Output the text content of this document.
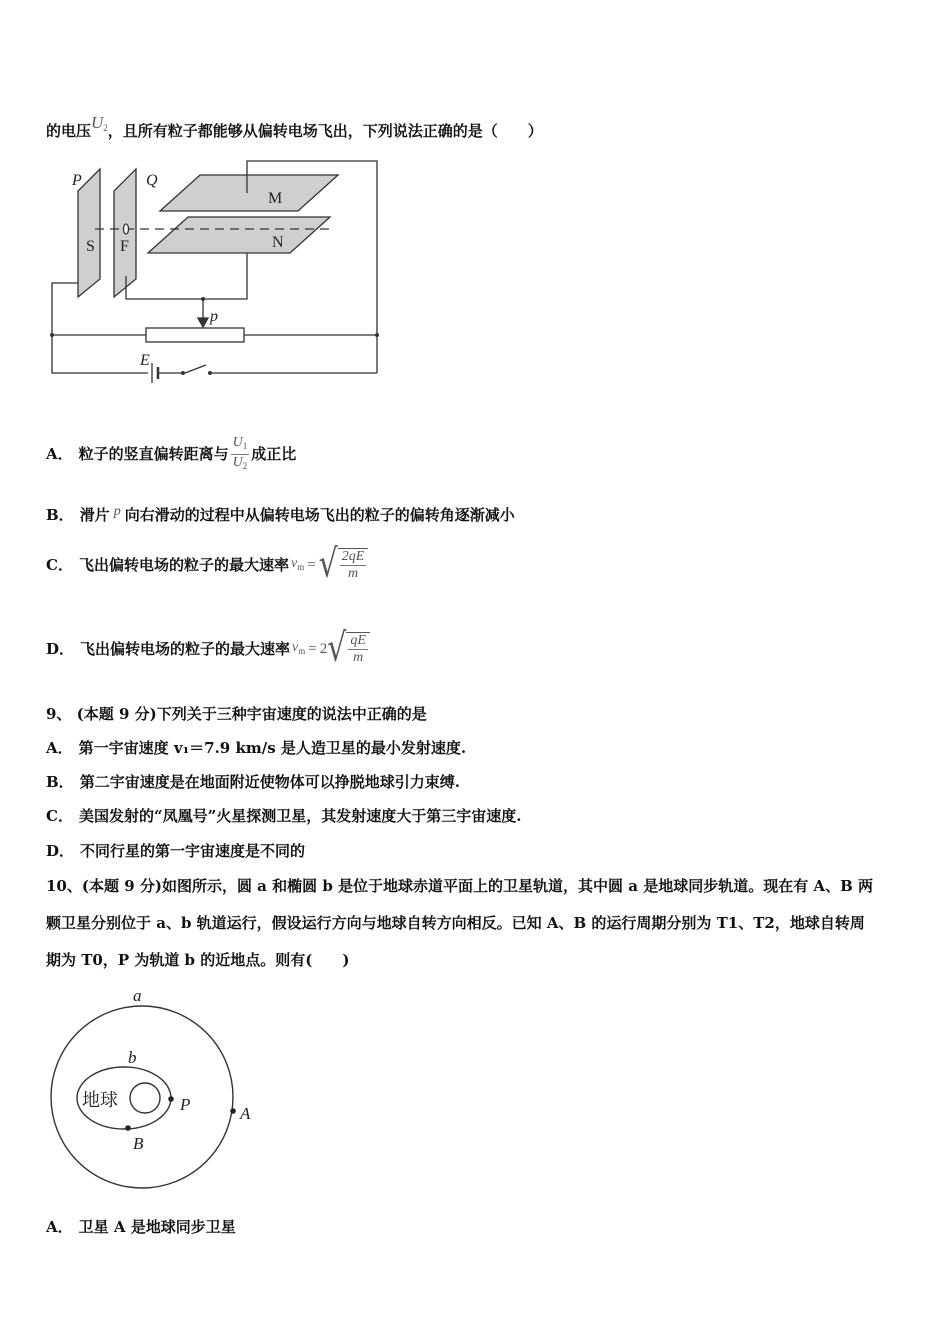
的电压$U_2$，且所有粒子都能够从偏转电场飞出，下列说法正确的是（　　）
P	Q
M
S F	N
p
E
A． 粒子的竖直偏转距离与 $\frac{U_1}{U_2}$ 成正比
B． 滑片 p 向右滑动的过程中从偏转电场飞出的粒子的偏转角逐渐减小
C． 飞出偏转电场的粒子的最大速率 $v_m$ = √ $\frac{2qE}{m}$
D． 飞出偏转电场的粒子的最大速率 $v_m = 2$ √ $\frac{qE}{m}$
9、 (本题 9 分)下列关于三种宇宙速度的说法中正确的是
A． 第一宇宙速度 v₁＝7.9 km/s 是人造卫星的最小发射速度.
B． 第二宇宙速度是在地面附近使物体可以挣脱地球引力束缚.
C． 美国发射的“凤凰号”火星探测卫星，其发射速度大于第三宇宙速度.
D． 不同行星的第一宇宙速度是不同的
10、(本题 9 分)如图所示，圆 a 和椭圆 b 是位于地球赤道平面上的卫星轨道，其中圆 a 是地球同步轨道。现在有 A、B 两
颗卫星分别位于 a、b 轨道运行，假设运行方向与地球自转方向相反。已知 A、B 的运行周期分别为 T1、T2，地球自转周
期为 T0，P 为轨道 b 的近地点。则有(　　)
a
b
地球	P	A
B
A． 卫星 A 是地球同步卫星
